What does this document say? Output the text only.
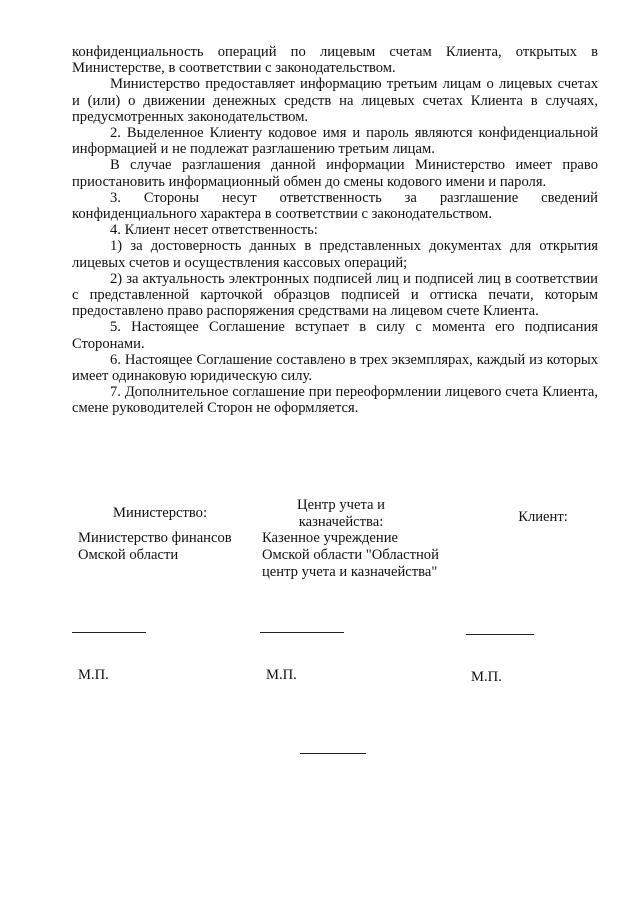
конфиденциальность операций по лицевым счетам Клиента, открытых в Министерстве, в соответствии с законодательством.

Министерство предоставляет информацию третьим лицам о лицевых счетах и (или) о движении денежных средств на лицевых счетах Клиента в случаях, предусмотренных законодательством.

2. Выделенное Клиенту кодовое имя и пароль являются конфиденциальной информацией и не подлежат разглашению третьим лицам.

В случае разглашения данной информации Министерство имеет право приостановить информационный обмен до смены кодового имени и пароля.

3. Стороны несут ответственность за разглашение сведений конфиденциального характера в соответствии с законодательством.

4. Клиент несет ответственность:

1) за достоверность данных в представленных документах для открытия лицевых счетов и осуществления кассовых операций;

2) за актуальность электронных подписей лиц и подписей лиц в соответствии с представленной карточкой образцов подписей и оттиска печати, которым предоставлено право распоряжения средствами на лицевом счете Клиента.

5. Настоящее Соглашение вступает в силу с момента его подписания Сторонами.

6. Настоящее Соглашение составлено в трех экземплярах, каждый из которых имеет одинаковую юридическую силу.

7. Дополнительное соглашение при переоформлении лицевого счета Клиента, смене руководителей Сторон не оформляется.

Министерство:
Министерство финансов
Омской области
М.П.
Центр учета и
казначейства:
Казенное учреждение
Омской области "Областной
центр учета и казначейства"
М.П.
Клиент:
М.П.
